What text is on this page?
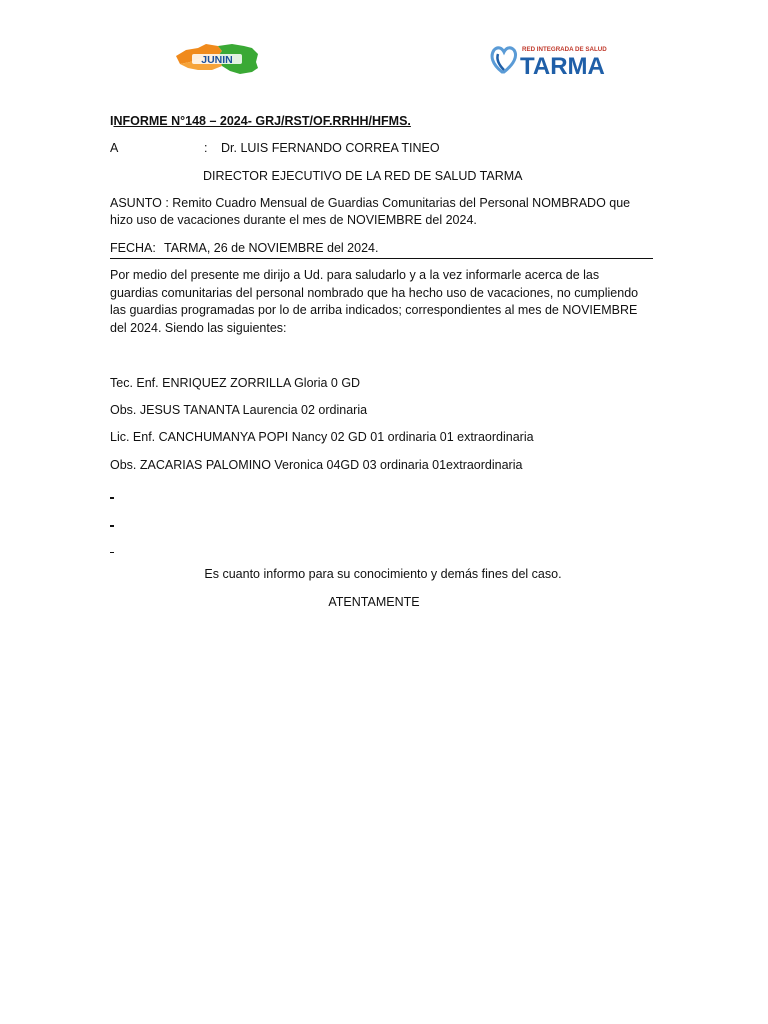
JUNIN
RED INTEGRADA DE SALUD
TARMA
INFORME N°148 – 2024- GRJ/RST/OF.RRHH/HFMS.
A	: Dr. LUIS FERNANDO CORREA TINEO
DIRECTOR EJECUTIVO DE LA RED DE SALUD TARMA
ASUNTO : Remito Cuadro Mensual de Guardias Comunitarias del Personal NOMBRADO que
hizo uso de vacaciones durante el mes de NOVIEMBRE del 2024.
FECHA: TARMA, 26 de NOVIEMBRE del 2024.
Por medio del presente me dirijo a Ud. para saludarlo y a la vez informarle acerca de las
guardias comunitarias del personal nombrado que ha hecho uso de vacaciones, no cumpliendo
las guardias programadas por lo de arriba indicados; correspondientes al mes de NOVIEMBRE
del 2024. Siendo las siguientes:
Tec. Enf. ENRIQUEZ ZORRILLA Gloria 0 GD
Obs. JESUS TANANTA Laurencia 02 ordinaria
Lic. Enf. CANCHUMANYA POPI Nancy 02 GD 01 ordinaria 01 extraordinaria
Obs. ZACARIAS PALOMINO Veronica 04GD 03 ordinaria 01extraordinaria
Es cuanto informo para su conocimiento y demás fines del caso.
ATENTAMENTE
